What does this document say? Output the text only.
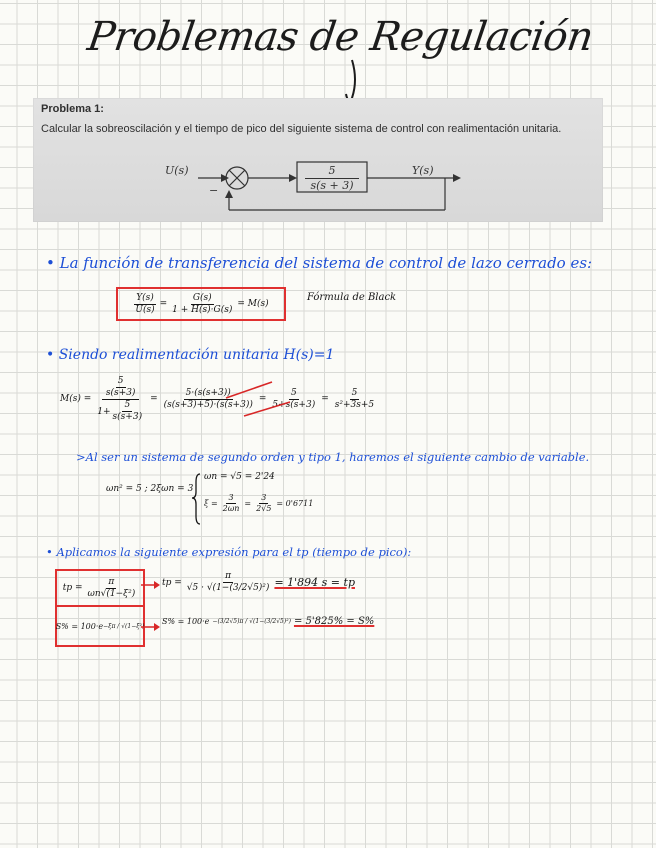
Problemas de Regulación
Problema 1:
Calcular la sobreoscilación y el tiempo de pico del siguiente sistema de control con realimentación unitaria.
U(s)	Y(s)
−	$\frac{5}{s(s + 3)}$
• La función de transferencia del sistema de control de lazo cerrado es:
$\frac{Y(s)}{U(s)} = \frac{G(s)}{1 + H(s)\cdot G(s)} = M(s)$
Fórmula de Black
• Siendo realimentación unitaria H(s)=1
$M(s) = \frac{\frac{5}{s(s+3)}}{1+ \frac{5}{s(s+3)}} = \frac{5\cdot(s(s+3))}{(s(s+3)+5)\cdot(s(s+3))} = \frac{5}{5+s(s+3)} = \frac{5}{\text{s²+3s+5}}$
>Al ser un sistema de segundo orden y tipo 1, haremos el siguiente cambio de variable.
ωn² = 5 ; 2ξωn = 3
ωn = √5 = 2'24
$\xi = \frac{3}{2\omega n} = \frac{3}{2√5} = 0'6711$
• Aplicamos la siguiente expresión para el tp (tiempo de pico):
tp = $\frac{\pi}{\text{ωn√(1−ξ²)}}$
S% = 100·e −ξπ / √(1−ξ²)
tp = $\frac{\pi}{\text{√5 · √(1−(3/2√5)²)}} = 1'894$ s = tp
S% = 100·e −(3/2√5)π / √(1−(3/2√5)²) = 5'825% = S%
